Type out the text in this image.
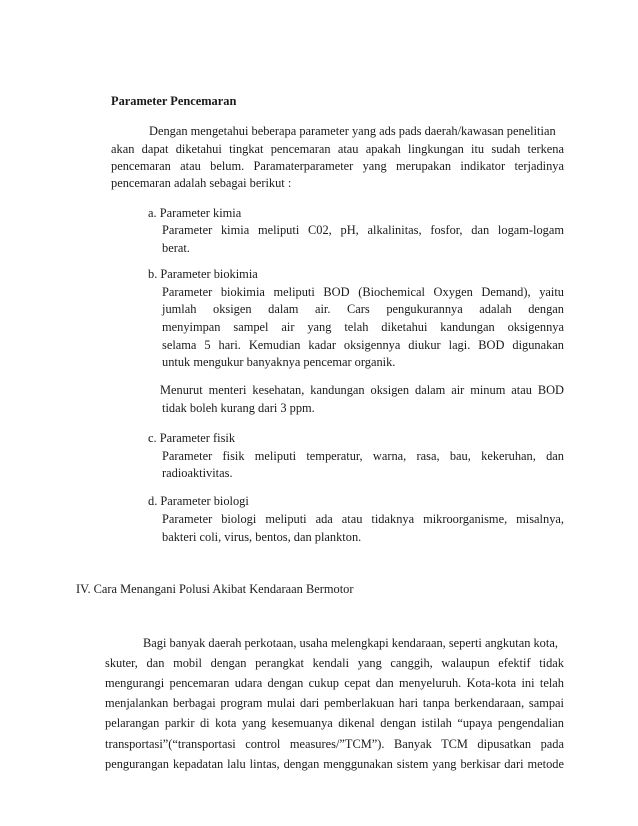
Parameter Pencemaran
Dengan mengetahui beberapa parameter yang ads pads daerah/kawasan penelitian
akan dapat diketahui tingkat pencemaran atau apakah lingkungan itu sudah terkena
pencemaran atau belum. Paramaterparameter yang merupakan indikator terjadinya
pencemaran adalah sebagai berikut :
a. Parameter kimia
Parameter kimia meliputi C02, pH, alkalinitas, fosfor, dan logam-logam
berat.
b. Parameter biokimia
Parameter biokimia meliputi BOD (Biochemical Oxygen Demand), yaitu
jumlah oksigen dalam air. Cars pengukurannya adalah dengan
menyimpan sampel air yang telah diketahui kandungan oksigennya
selama 5 hari. Kemudian kadar oksigennya diukur lagi. BOD digunakan
untuk mengukur banyaknya pencemar organik.
Menurut menteri kesehatan, kandungan oksigen dalam air minum atau BOD
tidak boleh kurang dari 3 ppm.
c. Parameter fisik
Parameter fisik meliputi temperatur, warna, rasa, bau, kekeruhan, dan
radioaktivitas.
d. Parameter biologi
Parameter biologi meliputi ada atau tidaknya mikroorganisme, misalnya,
bakteri coli, virus, bentos, dan plankton.
IV. Cara Menangani Polusi Akibat Kendaraan Bermotor
Bagi banyak daerah perkotaan, usaha melengkapi kendaraan, seperti angkutan kota,
skuter, dan mobil dengan perangkat kendali yang canggih, walaupun efektif tidak
mengurangi pencemaran udara dengan cukup cepat dan menyeluruh. Kota-kota ini telah
menjalankan berbagai program mulai dari pemberlakuan hari tanpa berkendaraan, sampai
pelarangan parkir di kota yang kesemuanya dikenal dengan istilah “upaya pengendalian
transportasi”(“transportasi control measures/”TCM”). Banyak TCM dipusatkan pada
pengurangan kepadatan lalu lintas, dengan menggunakan sistem yang berkisar dari metode
